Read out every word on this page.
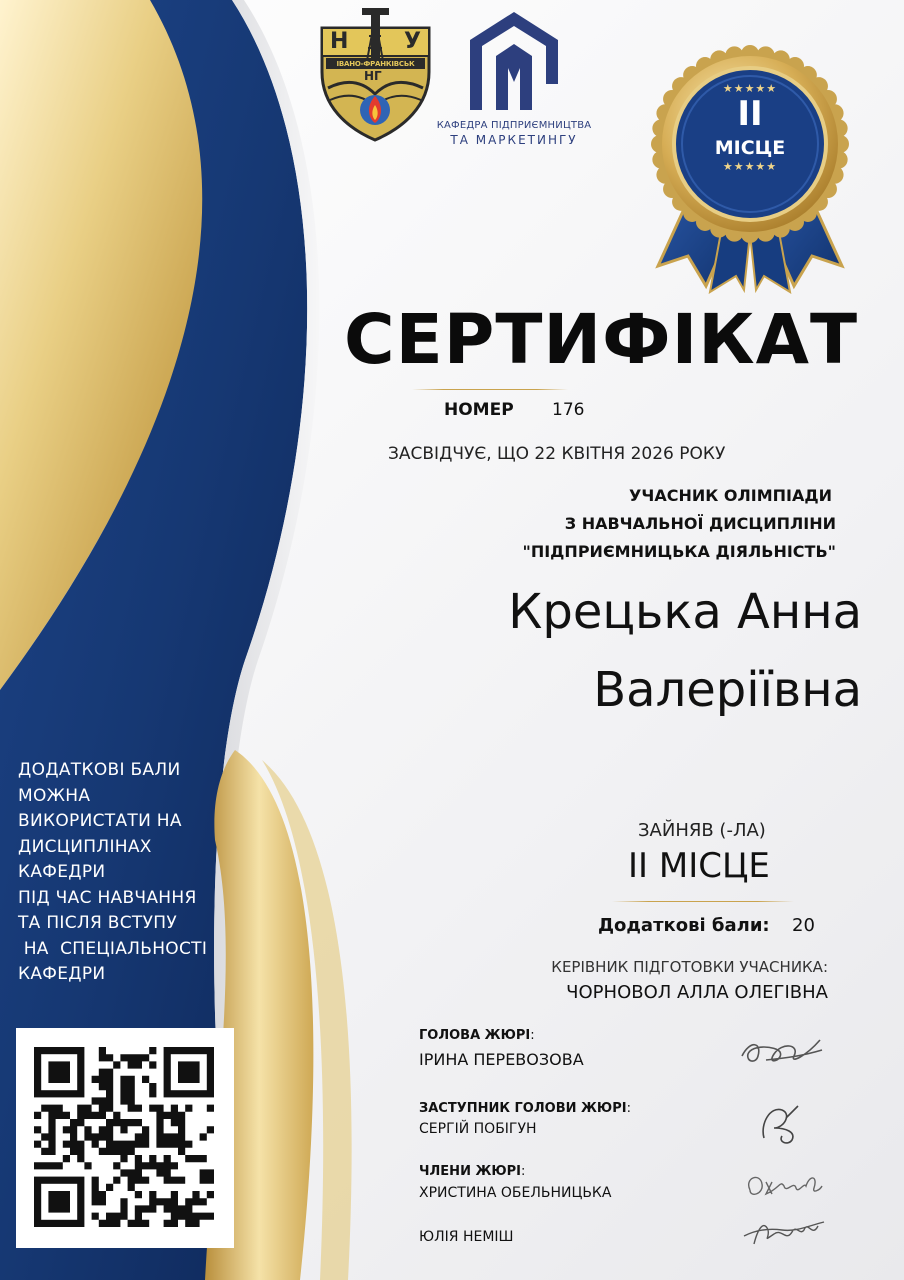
Н	У
ІВАНО-ФРАНКІВСЬК
НГ
КАФЕДРА ПІДПРИЄМНИЦТВА
ТА МАРКЕТИНГУ
★★★★★
II
МІСЦЕ
★★★★★
СЕРТИФІКАТ
НОМЕР 176
ЗАСВІДЧУЄ, ЩО 22 КВІТНЯ 2026 РОКУ
УЧАСНИК ОЛІМПІАДИ
З НАВЧАЛЬНОЇ ДИСЦИПЛІНИ
"ПІДПРИЄМНИЦЬКА ДІЯЛЬНІСТЬ"
Крецька Анна
Валеріївна
ЗАЙНЯВ (-ЛА)
II МІСЦЕ
Додаткові бали: 20
КЕРІВНИК ПІДГОТОВКИ УЧАСНИКА:
ЧОРНОВОЛ АЛЛА ОЛЕГІВНА
ГОЛОВА ЖЮРІ:
ІРИНА ПЕРЕВОЗОВА
ЗАСТУПНИК ГОЛОВИ ЖЮРІ:
СЕРГІЙ ПОБІГУН
ЧЛЕНИ ЖЮРІ:
ХРИСТИНА ОБЕЛЬНИЦЬКА
ЮЛІЯ НЕМІШ
ДОДАТКОВІ БАЛИ
МОЖНА
ВИКОРИСТАТИ НА
ДИСЦИПЛІНАХ
КАФЕДРИ
ПІД ЧАС НАВЧАННЯ
ТА ПІСЛЯ ВСТУПУ
НА  СПЕЦІАЛЬНОСТІ
КАФЕДРИ
